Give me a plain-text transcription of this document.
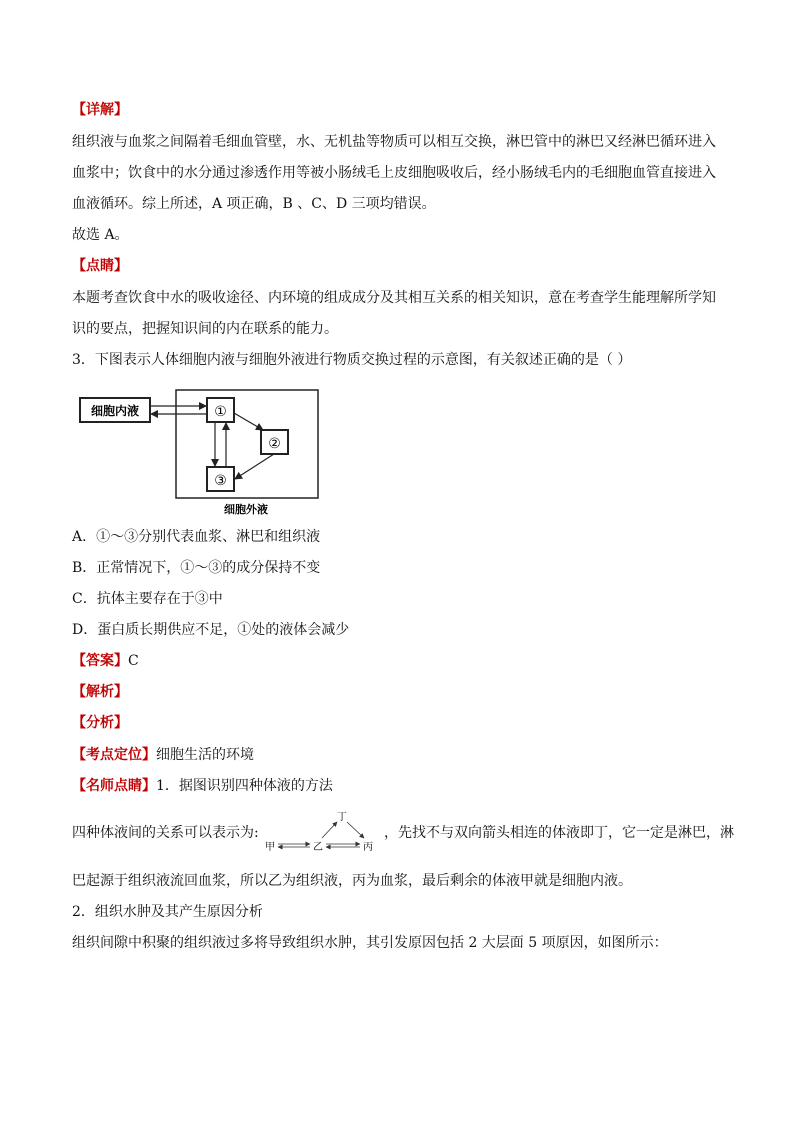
【详解】
组织液与血浆之间隔着毛细血管壁，水、无机盐等物质可以相互交换，淋巴管中的淋巴又经淋巴循环进入
血浆中；饮食中的水分通过渗透作用等被小肠绒毛上皮细胞吸收后，经小肠绒毛内的毛细胞血管直接进入
血液循环。综上所述，A 项正确，B 、C、D 三项均错误。
故选 A。
【点睛】
本题考查饮食中水的吸收途径、内环境的组成成分及其相互关系的相关知识，意在考查学生能理解所学知
识的要点，把握知识间的内在联系的能力。
3．下图表示人体细胞内液与细胞外液进行物质交换过程的示意图，有关叙述正确的是（ ）
细胞内液	①
②
③
细胞外液
A．①～③分别代表血浆、淋巴和组织液
B．正常情况下，①～③的成分保持不变
C．抗体主要存在于③中
D．蛋白质长期供应不足，①处的液体会减少
【答案】C
【解析】
【分析】
【考点定位】细胞生活的环境
【名师点睛】1．据图识别四种体液的方法
四种体液间的关系可以表示为:
甲	乙	丙
丁
，先找不与双向箭头相连的体液即丁，它一定是淋巴，淋
巴起源于组织液流回血浆，所以乙为组织液，丙为血浆，最后剩余的体液甲就是细胞内液。
2．组织水肿及其产生原因分析
组织间隙中积聚的组织液过多将导致组织水肿，其引发原因包括 2 大层面 5 项原因，如图所示：
